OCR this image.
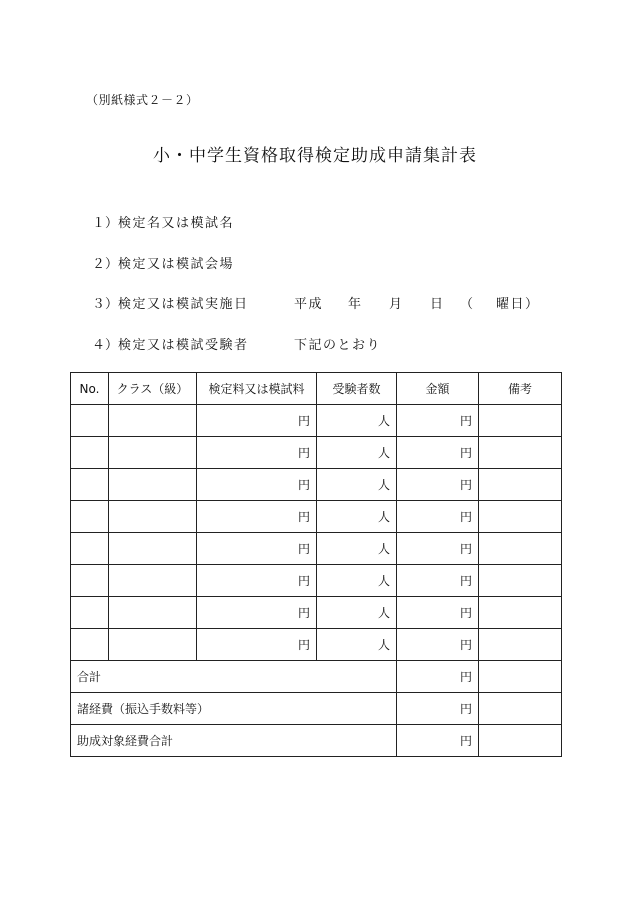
（別紙様式２－２）
小・中学生資格取得検定助成申請集計表
１）検定名又は模試名
２）検定又は模試会場
３）検定又は模試実施日	平成 年 月 日 （ 曜日）
４）検定又は模試受験者	下記のとおり
No.	クラス（級）	検定料又は模試料	受験者数	金額	備考
		円	人	円	
		円	人	円	
		円	人	円	
		円	人	円	
		円	人	円	
		円	人	円	
		円	人	円	
		円	人	円	
合計				円	
諸経費（振込手数料等）				円	
助成対象経費合計				円	
